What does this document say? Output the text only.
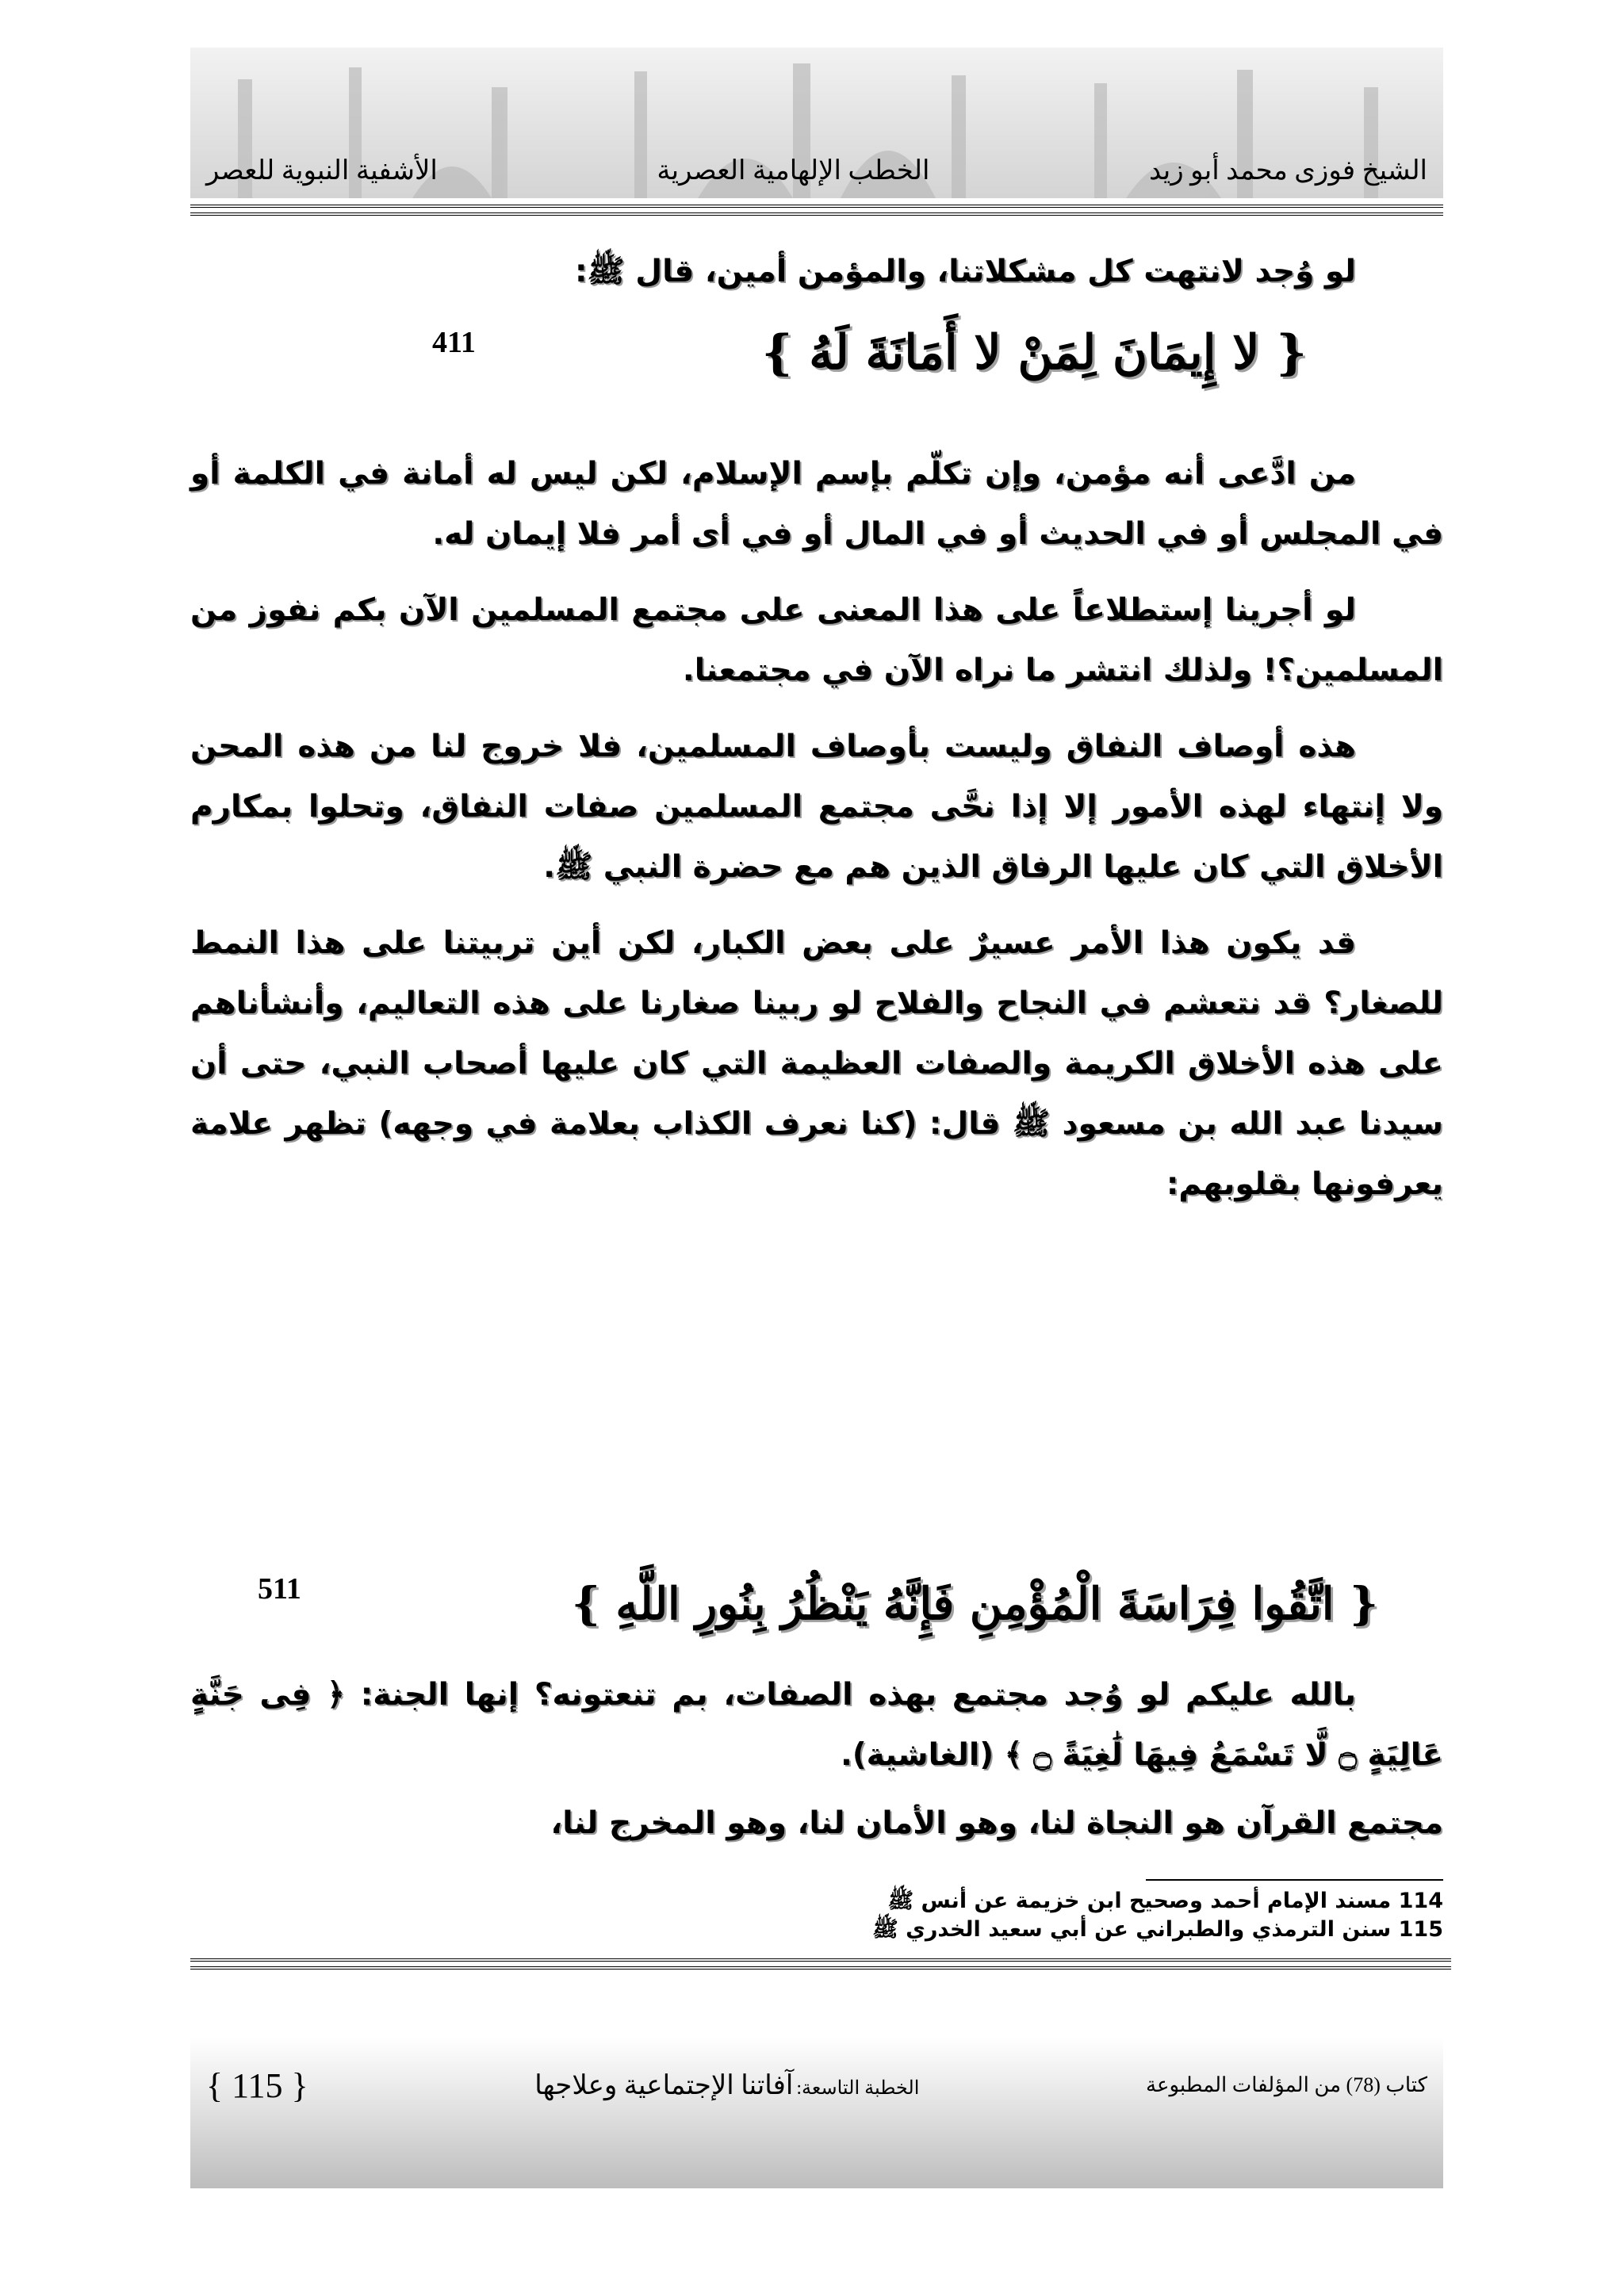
الشيخ فوزى محمد أبو زيد
الخطب الإلهامية العصرية
الأشفية النبوية للعصر

لو وُجد لانتهت كل مشكلاتنا، والمؤمن أمين، قال ﷺ:

{ لا إِيمَانَ لِمَنْ لا أَمَانَةَ لَهُ }
411

من ادَّعى أنه مؤمن، وإن تكلّم بإسم الإسلام، لكن ليس له أمانة في الكلمة أو في المجلس أو في الحديث أو في المال أو في أى أمر فلا إيمان له.

لو أجرينا إستطلاعاً على هذا المعنى على مجتمع المسلمين الآن بكم نفوز من المسلمين؟! ولذلك انتشر ما نراه الآن في مجتمعنا.

هذه أوصاف النفاق وليست بأوصاف المسلمين، فلا خروج لنا من هذه المحن ولا إنتهاء لهذه الأمور إلا إذا نحَّى مجتمع المسلمين صفات النفاق، وتحلوا بمكارم الأخلاق التي كان عليها الرفاق الذين هم مع حضرة النبي ﷺ.

قد يكون هذا الأمر عسيرٌ على بعض الكبار، لكن أين تربيتنا على هذا النمط للصغار؟ قد نتعشم في النجاح والفلاح لو ربينا صغارنا على هذه التعاليم، وأنشأناهم على هذه الأخلاق الكريمة والصفات العظيمة التي كان عليها أصحاب النبي، حتى أن سيدنا عبد الله بن مسعود ﷺ قال: (كنا نعرف الكذاب بعلامة في وجهه) تظهر علامة يعرفونها بقلوبهم:

{ اتَّقُوا فِرَاسَةَ الْمُؤْمِنِ فَإِنَّهُ يَنْظُرُ بِنُورِ اللَّهِ }
511

بالله عليكم لو وُجد مجتمع بهذه الصفات، بم تنعتونه؟ إنها الجنة: ﴿ فِى جَنَّةٍ عَالِيَةٍ ۝ لَّا تَسْمَعُ فِيهَا لَٰغِيَةً ۝ ﴾ (الغاشية).

مجتمع القرآن هو النجاة لنا، وهو الأمان لنا، وهو المخرج لنا،

114 مسند الإمام أحمد وصحيح ابن خزيمة عن أنس ﷺ
115 سنن الترمذي والطبراني عن أبي سعيد الخدري ﷺ
كتاب (78) من المؤلفات المطبوعة
الخطبة التاسعة: آفاتنا الإجتماعية وعلاجها
{ 115 }
